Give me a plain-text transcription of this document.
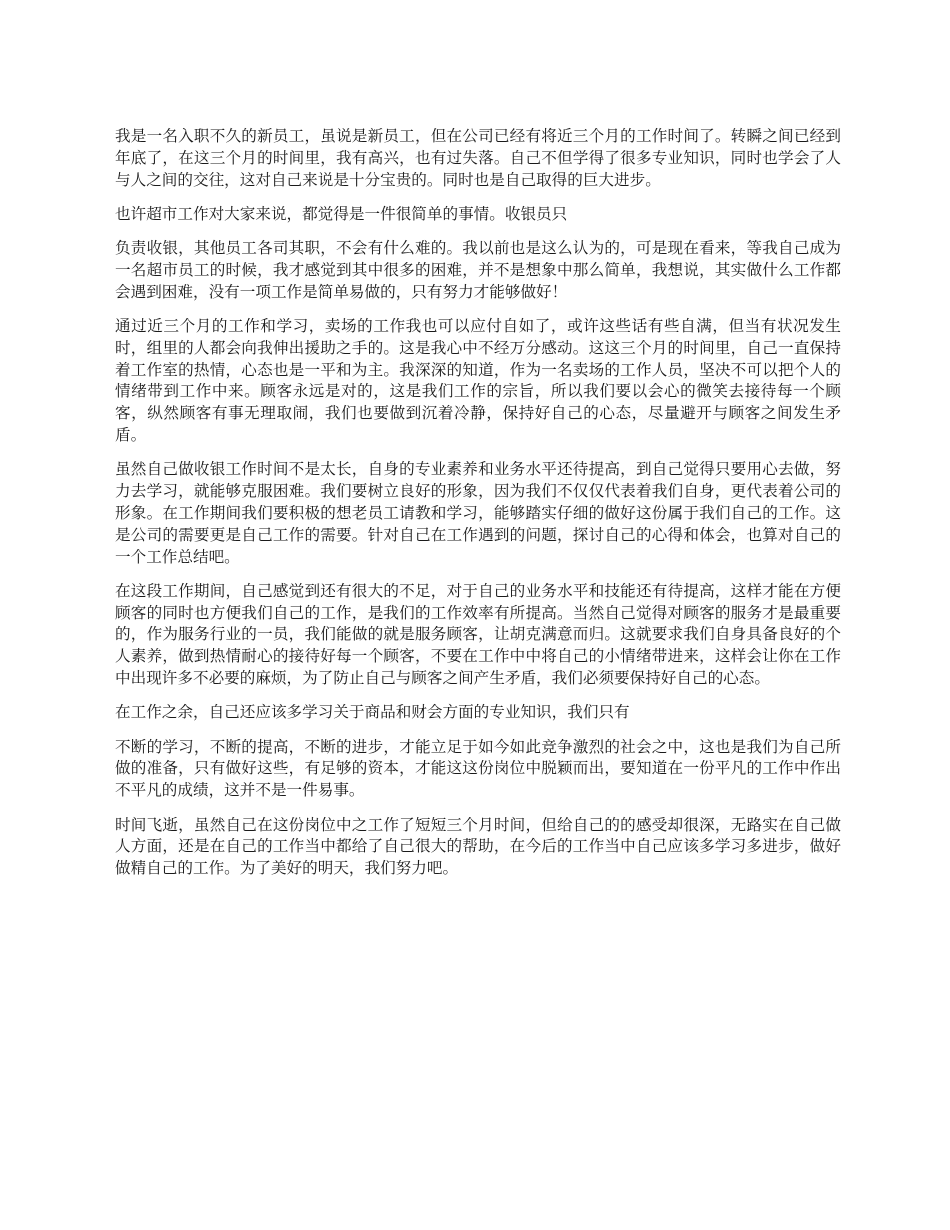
我是一名入职不久的新员工，虽说是新员工，但在公司已经有将近三个月的工作时间了。转瞬之间已经到年底了，在这三个月的时间里，我有高兴，也有过失落。自己不但学得了很多专业知识，同时也学会了人与人之间的交往，这对自己来说是十分宝贵的。同时也是自己取得的巨大进步。

也许超市工作对大家来说，都觉得是一件很简单的事情。收银员只

负责收银，其他员工各司其职，不会有什么难的。我以前也是这么认为的，可是现在看来，等我自己成为一名超市员工的时候，我才感觉到其中很多的困难，并不是想象中那么简单，我想说，其实做什么工作都会遇到困难，没有一项工作是简单易做的，只有努力才能够做好！

通过近三个月的工作和学习，卖场的工作我也可以应付自如了，或许这些话有些自满，但当有状况发生时，组里的人都会向我伸出援助之手的。这是我心中不经万分感动。这这三个月的时间里，自己一直保持着工作室的热情，心态也是一平和为主。我深深的知道，作为一名卖场的工作人员，坚决不可以把个人的情绪带到工作中来。顾客永远是对的，这是我们工作的宗旨，所以我们要以会心的微笑去接待每一个顾客，纵然顾客有事无理取闹，我们也要做到沉着冷静，保持好自己的心态，尽量避开与顾客之间发生矛盾。

虽然自己做收银工作时间不是太长，自身的专业素养和业务水平还待提高，到自己觉得只要用心去做，努力去学习，就能够克服困难。我们要树立良好的形象，因为我们不仅仅代表着我们自身，更代表着公司的形象。在工作期间我们要积极的想老员工请教和学习，能够踏实仔细的做好这份属于我们自己的工作。这是公司的需要更是自己工作的需要。针对自己在工作遇到的问题，探讨自己的心得和体会，也算对自己的一个工作总结吧。

在这段工作期间，自己感觉到还有很大的不足，对于自己的业务水平和技能还有待提高，这样才能在方便顾客的同时也方便我们自己的工作，是我们的工作效率有所提高。当然自己觉得对顾客的服务才是最重要的，作为服务行业的一员，我们能做的就是服务顾客，让胡克满意而归。这就要求我们自身具备良好的个人素养，做到热情耐心的接待好每一个顾客，不要在工作中中将自己的小情绪带进来，这样会让你在工作中出现许多不必要的麻烦，为了防止自己与顾客之间产生矛盾，我们必须要保持好自己的心态。

在工作之余，自己还应该多学习关于商品和财会方面的专业知识，我们只有

不断的学习，不断的提高，不断的进步，才能立足于如今如此竞争激烈的社会之中，这也是我们为自己所做的准备，只有做好这些，有足够的资本，才能这这份岗位中脱颖而出，要知道在一份平凡的工作中作出不平凡的成绩，这并不是一件易事。

时间飞逝，虽然自己在这份岗位中之工作了短短三个月时间，但给自己的的感受却很深，无路实在自己做人方面，还是在自己的工作当中都给了自己很大的帮助，在今后的工作当中自己应该多学习多进步，做好做精自己的工作。为了美好的明天，我们努力吧。
